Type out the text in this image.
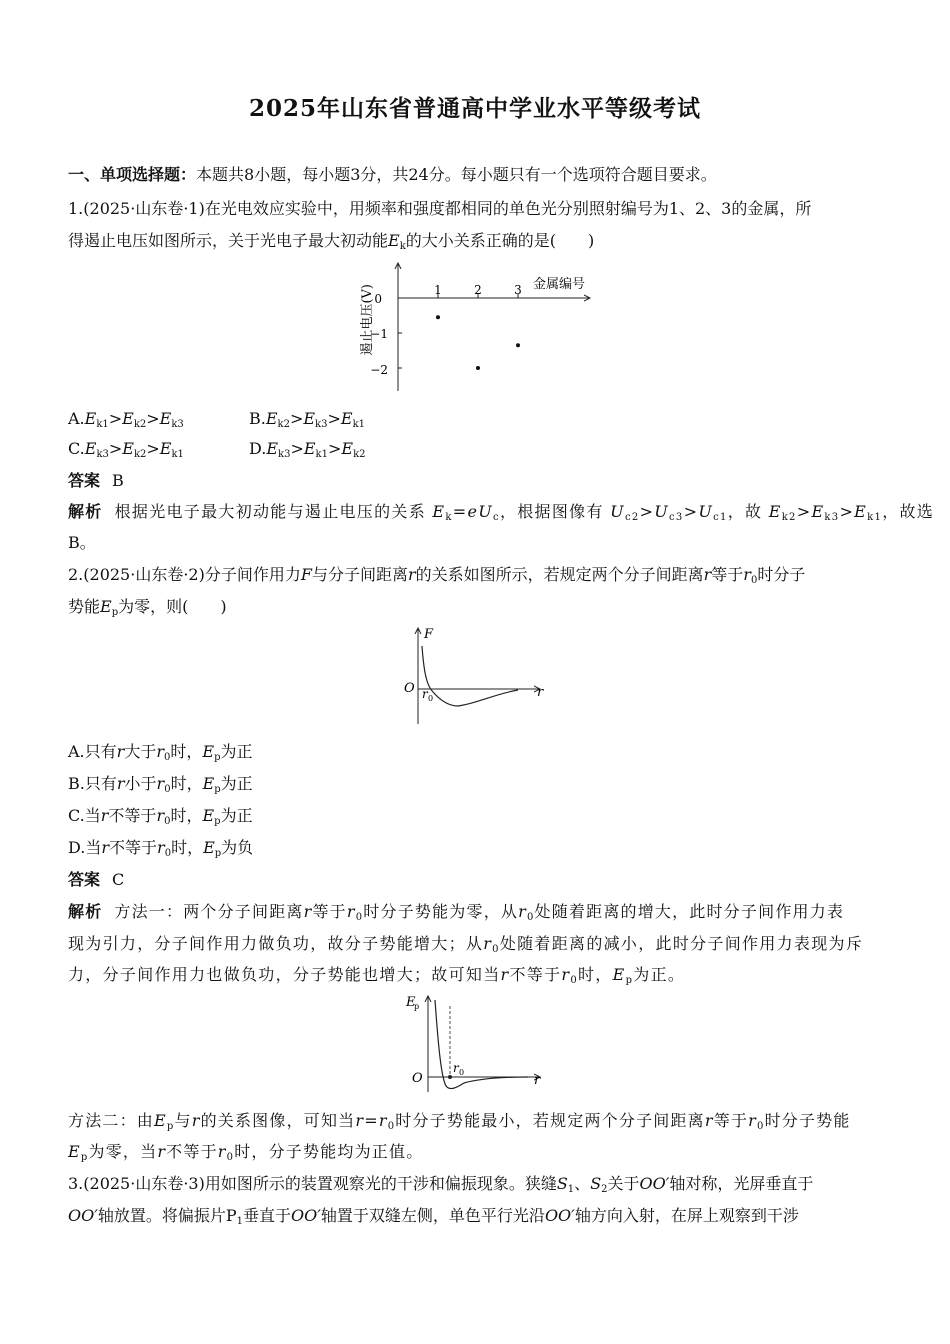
2025年山东省普通高中学业水平等级考试
一、单项选择题：本题共8小题，每小题3分，共24分。每小题只有一个选项符合题目要求。
1.(2025·山东卷·1)在光电效应实验中，用频率和强度都相同的单色光分别照射编号为1、2、3的金属，所
得遏止电压如图所示，关于光电子最大初动能$E_k$的大小关系正确的是(　　)
遏止电压(V)	金属编号
0
−1
−2
1	2	3
$A.E_{k1}>E_{k2}>E_{k3}$	$B.E_{k2}>E_{k3}>E_{k1}$
$C.E_{k3}>E_{k2}>E_{k1}$	$D.E_{k3}>E_{k1}>E_{k2}$
答案 B
解析 根据光电子最大初动能与遏止电压的关系 $E_k=eU_c$，根据图像有 $U_{c2}>U_{c3}>U_{c1}$，故 $E_{k2}>E_{k3}>E_{k1}$，故选
B。
2.(2025·山东卷·2)分子间作用力F与分子间距离r的关系如图所示，若规定两个分子间距离r等于$r_0$时分子
势能$E_p$为零，则(　　)
F
O	r
r 0
A.只有r大于$r_0$时，$E_p$为正
B.只有r小于$r_0$时，$E_p$为正
C.当r不等于$r_0$时，$E_p$为正
D.当r不等于$r_0$时，$E_p$为负
答案 C
解析 方法一：两个分子间距离r等于$r_0$时分子势能为零，从$r_0$处随着距离的增大，此时分子间作用力表
现为引力，分子间作用力做负功，故分子势能增大；从$r_0$处随着距离的减小，此时分子间作用力表现为斥
力，分子间作用力也做负功，分子势能也增大；故可知当r不等于$r_0$时，$E_p$为正。
E
p
O	r
r 0
方法二：由$E_p$与r的关系图像，可知当$r=r_0$时分子势能最小，若规定两个分子间距离r等于$r_0$时分子势能
$E_p$为零，当r不等于$r_0$时，分子势能均为正值。
3.(2025·山东卷·3)用如图所示的装置观察光的干涉和偏振现象。狭缝$S_1$、$S_2$关于OO′轴对称，光屏垂直于
OO′轴放置。将偏振片$P_1$垂直于OO′轴置于双缝左侧，单色平行光沿OO′轴方向入射，在屏上观察到干涉
